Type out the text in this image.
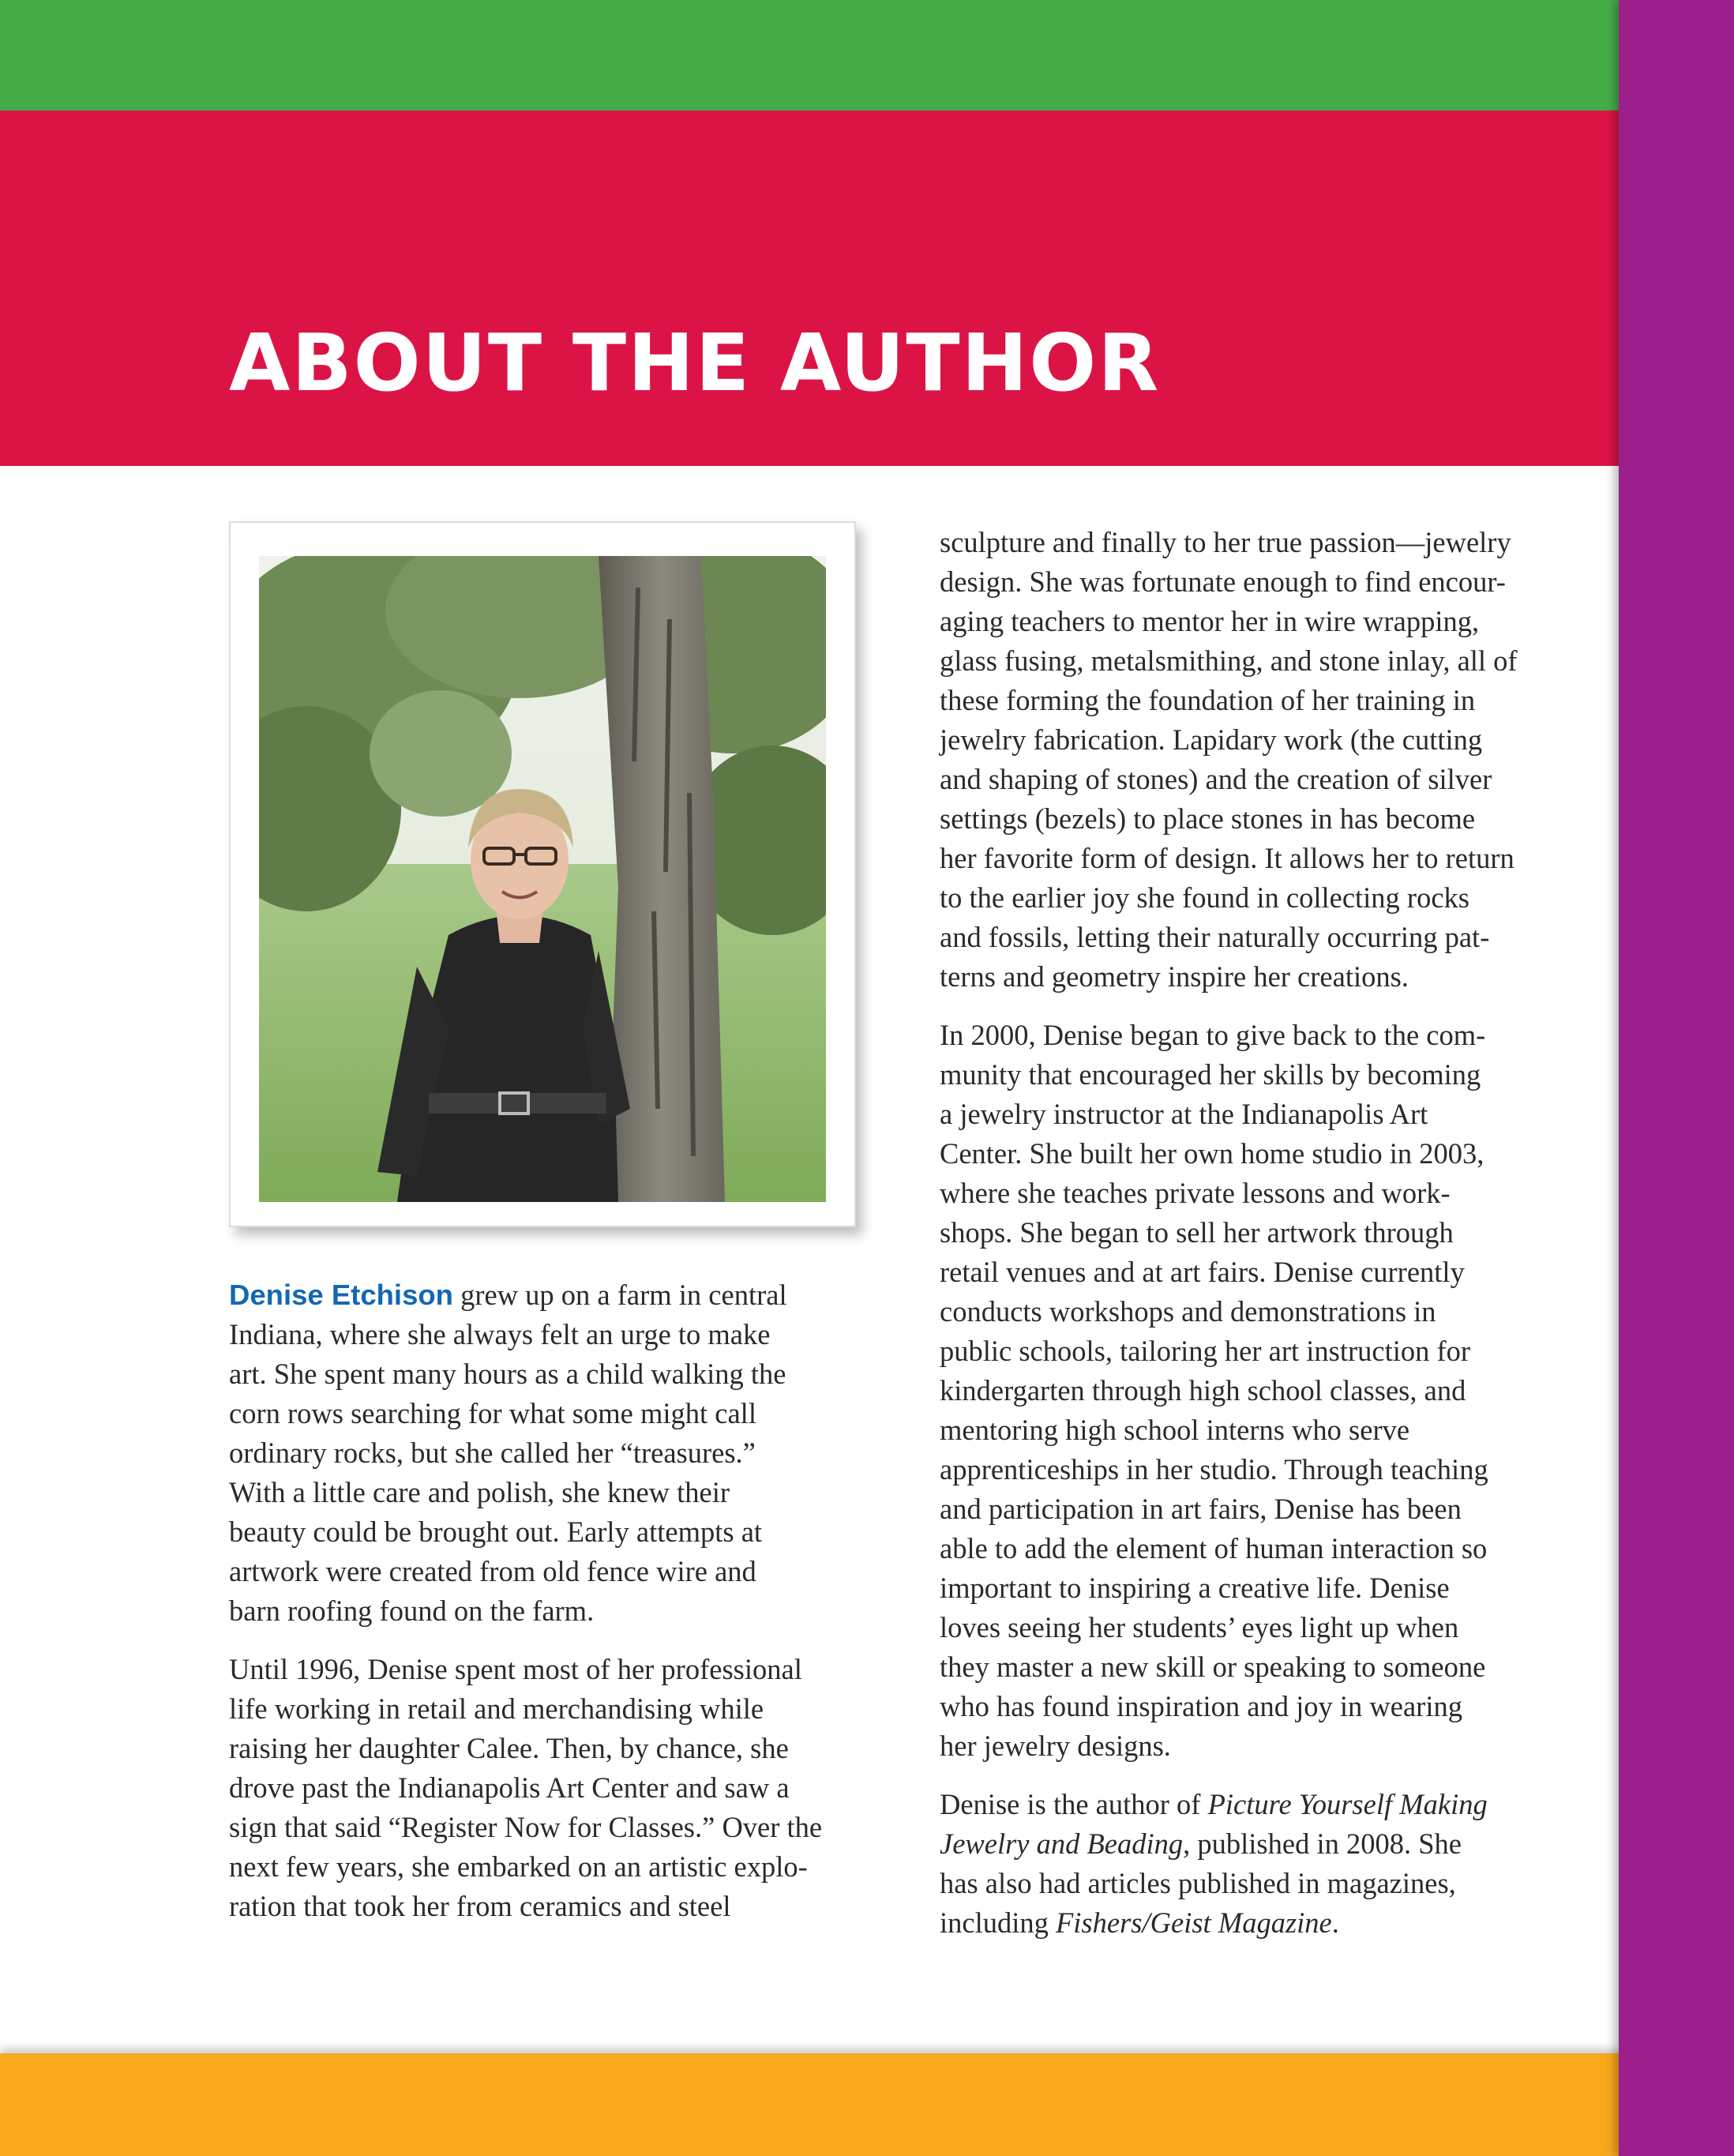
ABOUT THE AUTHOR

Denise Etchison grew up on a farm in central
Indiana, where she always felt an urge to make
art. She spent many hours as a child walking the
corn rows searching for what some might call
ordinary rocks, but she called her “treasures.”
With a little care and polish, she knew their
beauty could be brought out. Early attempts at
artwork were created from old fence wire and
barn roofing found on the farm.

Until 1996, Denise spent most of her professional
life working in retail and merchandising while
raising her daughter Calee. Then, by chance, she
drove past the Indianapolis Art Center and saw a
sign that said “Register Now for Classes.” Over the
next few years, she embarked on an artistic explo-
ration that took her from ceramics and steel

sculpture and finally to her true passion—jewelry
design. She was fortunate enough to find encour-
aging teachers to mentor her in wire wrapping,
glass fusing, metalsmithing, and stone inlay, all of
these forming the foundation of her training in
jewelry fabrication. Lapidary work (the cutting
and shaping of stones) and the creation of silver
settings (bezels) to place stones in has become
her favorite form of design. It allows her to return
to the earlier joy she found in collecting rocks
and fossils, letting their naturally occurring pat-
terns and geometry inspire her creations.

In 2000, Denise began to give back to the com-
munity that encouraged her skills by becoming
a jewelry instructor at the Indianapolis Art
Center. She built her own home studio in 2003,
where she teaches private lessons and work-
shops. She began to sell her artwork through
retail venues and at art fairs. Denise currently
conducts workshops and demonstrations in
public schools, tailoring her art instruction for
kindergarten through high school classes, and
mentoring high school interns who serve
apprenticeships in her studio. Through teaching
and participation in art fairs, Denise has been
able to add the element of human interaction so
important to inspiring a creative life. Denise
loves seeing her students’ eyes light up when
they master a new skill or speaking to someone
who has found inspiration and joy in wearing
her jewelry designs.

Denise is the author of Picture Yourself Making
Jewelry and Beading, published in 2008. She
has also had articles published in magazines,
including Fishers/Geist Magazine.
